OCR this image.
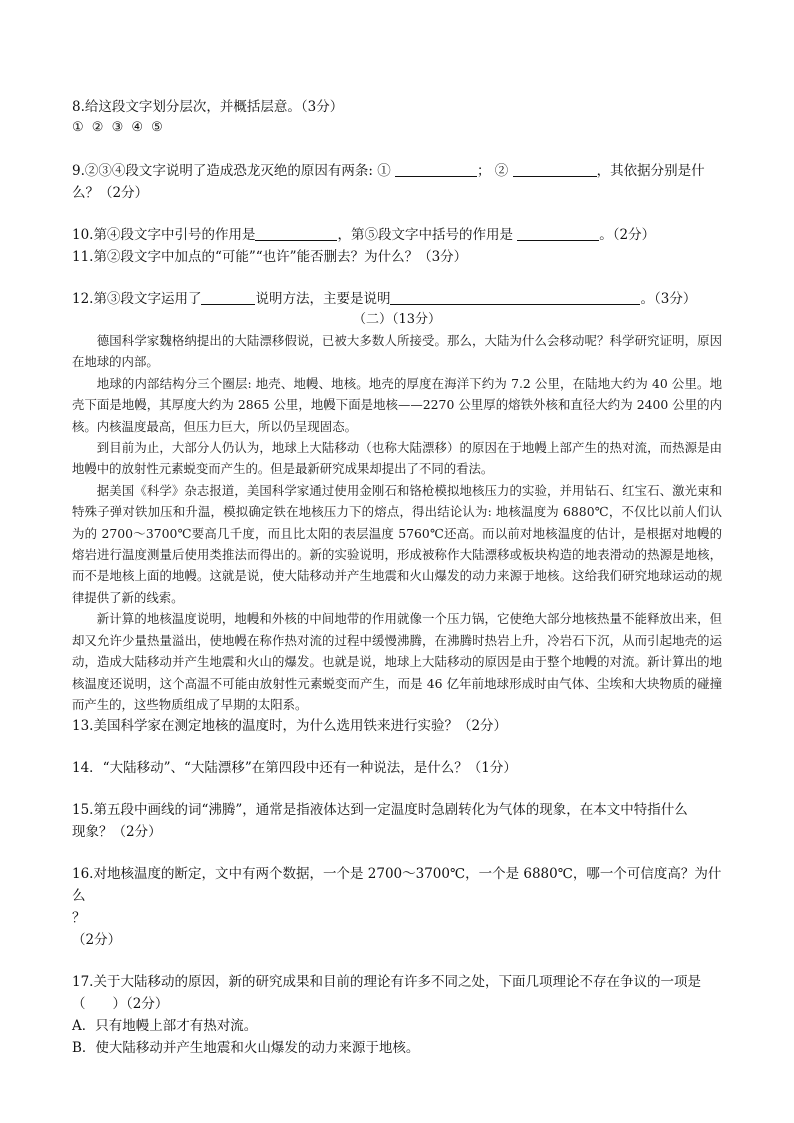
8.给这段文字划分层次，并概括层意。（3分）

① ② ③ ④ ⑤

9.②③④段文字说明了造成恐龙灭绝的原因有两条: ①	； ②	，其依据分别是什

么？（2分）

10.第④段文字中引号的作用是	，第⑤段文字中括号的作用是	。（2分）

11.第②段文字中加点的“可能”“也许”能否删去？为什么？（3分）

12.第③段文字运用了	说明方法，主要是说明	。（3分）

（二）（13分）

德国科学家魏格纳提出的大陆漂移假说，已被大多数人所接受。那么，大陆为什么会移动呢？科学研究证明，原因在地球的内部。

地球的内部结构分三个圈层: 地壳、地幔、地核。地壳的厚度在海洋下约为 7.2 公里，在陆地大约为 40 公里。地壳下面是地幔，其厚度大约为 2865 公里，地幔下面是地核——2270 公里厚的熔铁外核和直径大约为 2400 公里的内核。内核温度最高，但压力巨大，所以仍呈现固态。

到目前为止，大部分人仍认为，地球上大陆移动（也称大陆漂移）的原因在于地幔上部产生的热对流，而热源是由地幔中的放射性元素蜕变而产生的。但是最新研究成果却提出了不同的看法。

据美国《科学》杂志报道，美国科学家通过使用金刚石和铬枪模拟地核压力的实验，并用钻石、红宝石、激光束和特殊子弹对铁加压和升温，模拟确定铁在地核压力下的熔点，得出结论认为: 地核温度为 6880℃，不仅比以前人们认为的 2700～3700℃要高几千度，而且比太阳的表层温度 5760℃还高。而以前对地核温度的估计，是根据对地幔的熔岩进行温度测量后使用类推法而得出的。新的实验说明，形成被称作大陆漂移或板块构造的地表滑动的热源是地核，而不是地核上面的地幔。这就是说，使大陆移动并产生地震和火山爆发的动力来源于地核。这给我们研究地球运动的规律提供了新的线索。

新计算的地核温度说明，地幔和外核的中间地带的作用就像一个压力锅，它使绝大部分地核热量不能释放出来，但却又允许少量热量溢出，使地幔在称作热对流的过程中缓慢沸腾，在沸腾时热岩上升，冷岩石下沉，从而引起地壳的运动，造成大陆移动并产生地震和火山的爆发。也就是说，地球上大陆移动的原因是由于整个地幔的对流。新计算出的地核温度还说明，这个高温不可能由放射性元素蜕变而产生，而是 46 亿年前地球形成时由气体、尘埃和大块物质的碰撞而产生的，这些物质组成了早期的太阳系。

13.美国科学家在测定地核的温度时，为什么选用铁来进行实验？（2分）

14．“大陆移动”、“大陆漂移”在第四段中还有一种说法，是什么？（1分）

15.第五段中画线的词“沸腾”，通常是指液体达到一定温度时急剧转化为气体的现象，在本文中特指什么

现象？（2分）

16.对地核温度的断定，文中有两个数据，一个是 2700～3700℃，一个是 6880℃，哪一个可信度高？为什么

？

（2分）

17.关于大陆移动的原因，新的研究成果和目前的理论有许多不同之处，下面几项理论不存在争议的一项是

（　　）（2分）

A．只有地幔上部才有热对流。

B．使大陆移动并产生地震和火山爆发的动力来源于地核。
